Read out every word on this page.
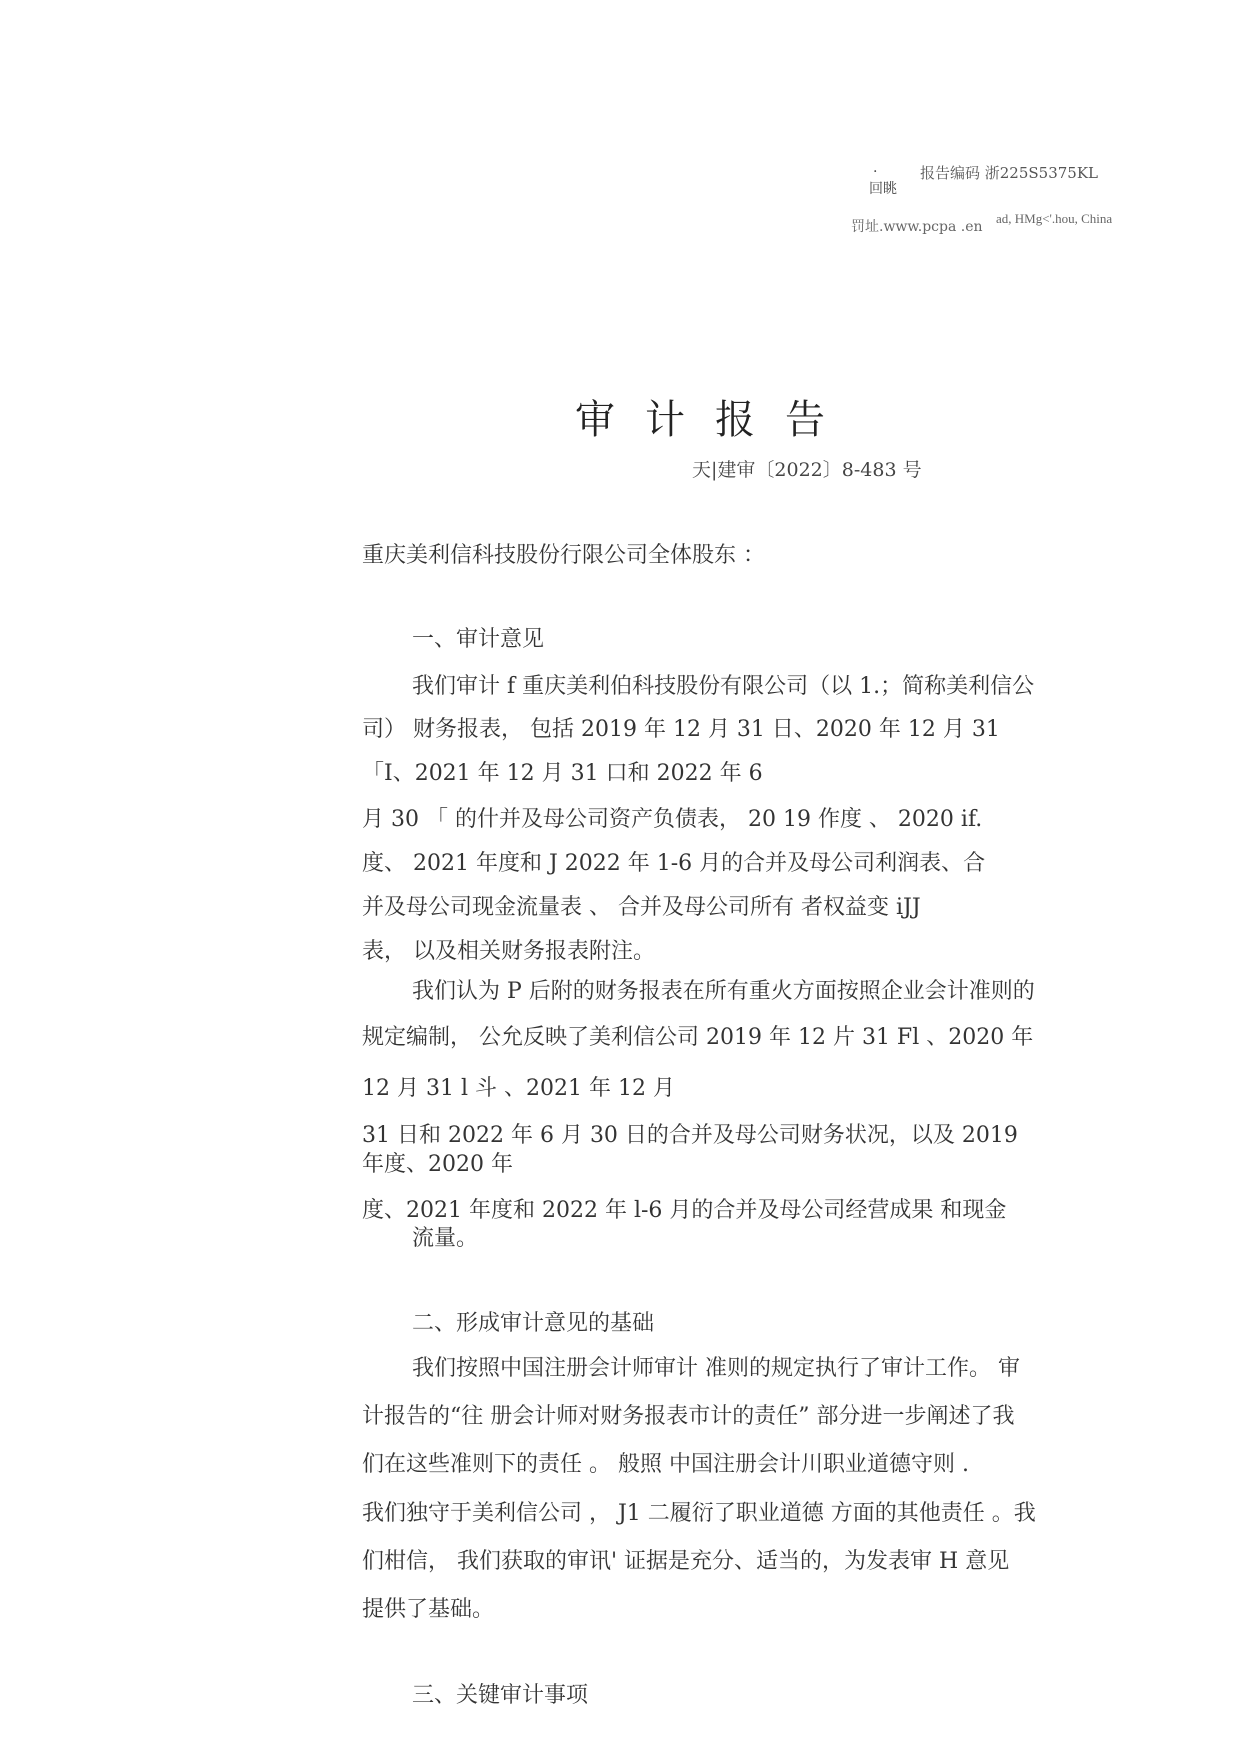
.
回眺
报告编码 浙225S5375KL
罚址.www.pcpa .en
ad, HMg<'.hou, China
审计报告
天|建审〔2022〕8-483 号
重庆美利信科技股份行限公司全体股东 ：
一、审计意见
我们审计 f 重庆美利伯科技股份有限公司（以 1.；简称美利信公
司） 财务报表， 包括 2019 年 12 月 31 日、2020 年 12 月 31
「I、2021 年 12 月 31 口和 2022 年 6
月 30 「 的什并及母公司资产负债表， 20 19 作度 、 2020 if.
度、 2021 年度和 J 2022 年 1-6 月的合并及母公司利润表、合
并及母公司现金流量表 、 合并及母公司所有 者权益变 iJJ
表， 以及相关财务报表附注。
我们认为 P 后附的财务报表在所有重火方面按照企业会计准则的
规定编制， 公允反映了美利信公司 2019 年 12 片 31 Fl 、2020 年
12 月 31 l 斗 、2021 年 12 月
31 日和 2022 年 6 月 30 日的合并及母公司财务状况，以及 2019
年度、2020 年
度、2021 年度和 2022 年 l-6 月的合并及母公司经营成果 和现金
流量。
二、形成审计意见的基础
我们按照中国注册会计师审计 准则的规定执行了审计工作。 审
计报告的“往 册会计师对财务报表市计的责任” 部分进一步阐述了我
们在这些准则下的责任 。 般照 中国注册会计川职业道德守则 .
我们独守于美利信公司 ， J1 二履衍了职业道德 方面的其他责任 。我
们柑信， 我们获取的审讯' 证据是充分、适当的，为发表审 H 意见
提供了基础。
三、关键审计事项
